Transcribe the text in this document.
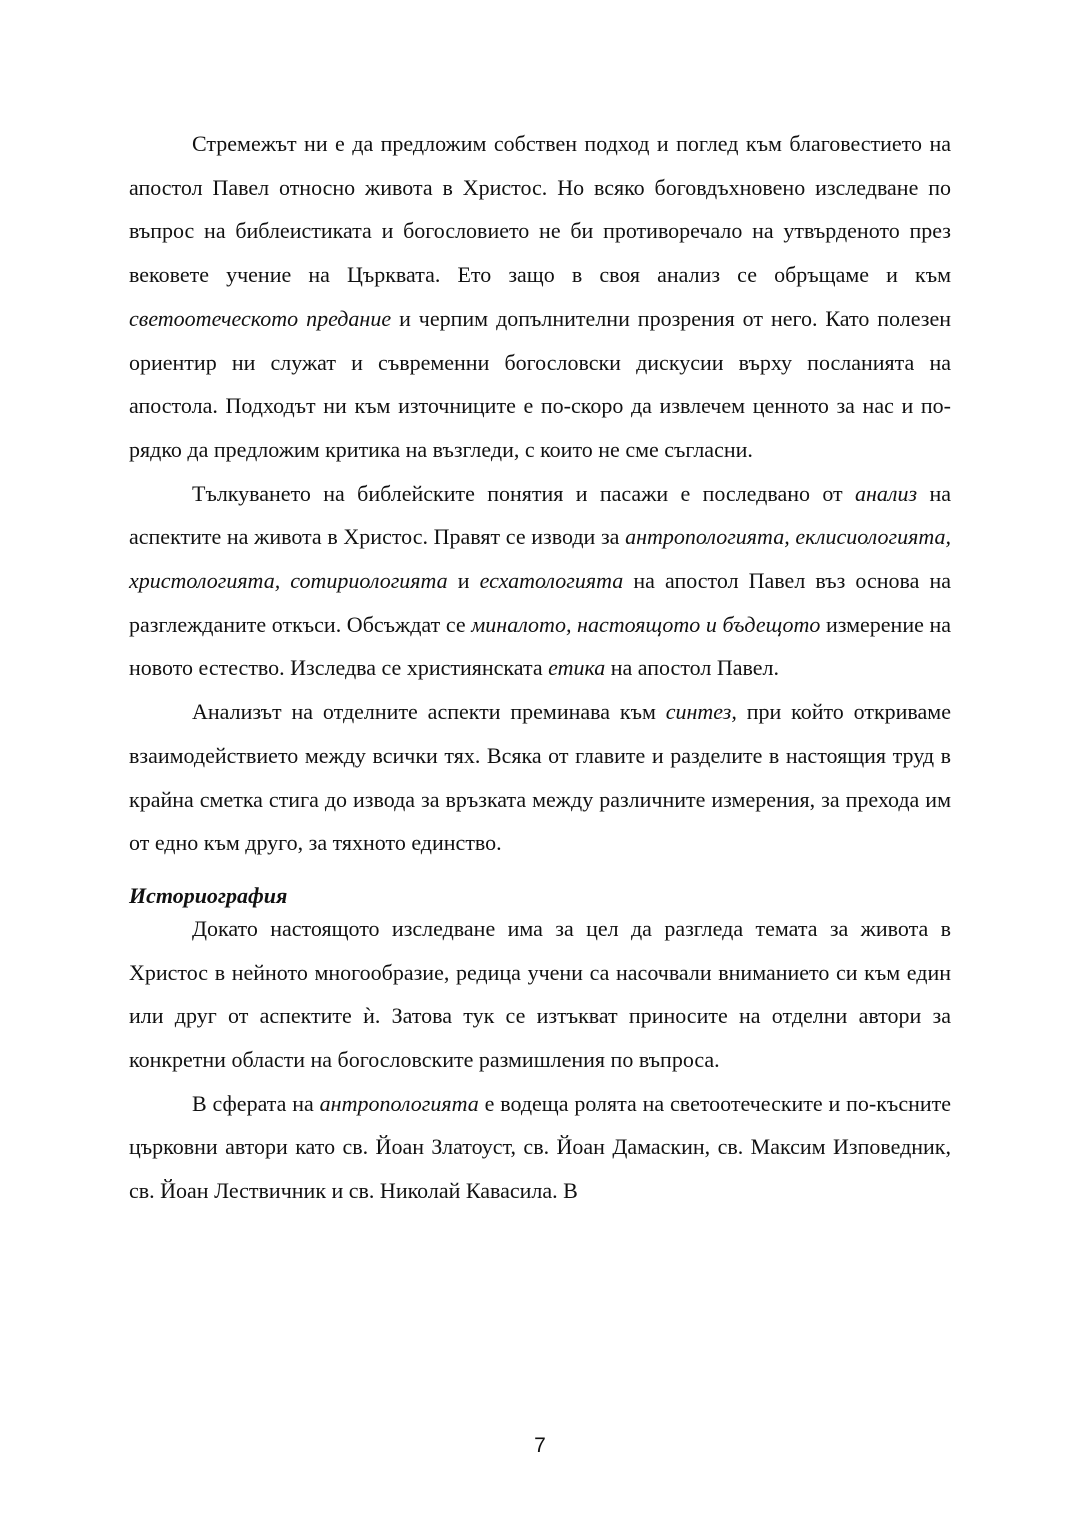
Стремежът ни е да предложим собствен подход и поглед към благовестието на апостол Павел относно живота в Христос. Но всяко боговдъхновено изследване по въпрос на библеистиката и богословието не би противоречало на утвърденото през вековете учение на Църквата. Ето защо в своя анализ се обръщаме и към светоотеческото предание и черпим допълнителни прозрения от него. Като полезен ориентир ни служат и съвременни богословски дискусии върху посланията на апостола. Подходът ни към източниците е по-скоро да извлечем ценното за нас и по-рядко да предложим критика на възгледи, с които не сме съгласни.

Тълкуването на библейските понятия и пасажи е последвано от анализ на аспектите на живота в Христос. Правят се изводи за антропологията, еклисиологията, христологията, сотириологията и есхатологията на апостол Павел въз основа на разглежданите откъси. Обсъждат се миналото, настоящото и бъдещото измерение на новото естество. Изследва се християнската етика на апостол Павел.

Анализът на отделните аспекти преминава към синтез, при който откриваме взаимодействието между всички тях. Всяка от главите и разделите в настоящия труд в крайна сметка стига до извода за връзката между различните измерения, за прехода им от едно към друго, за тяхното единство.

Историография

Докато настоящото изследване има за цел да разгледа темата за живота в Христос в нейното многообразие, редица учени са насочвали вниманието си към един или друг от аспектите ѝ. Затова тук се изтъкват приносите на отделни автори за конкретни области на богословските размишления по въпроса.

В сферата на антропологията е водеща ролята на светоотеческите и по-късните църковни автори като св. Йоан Златоуст, св. Йоан Дамаскин, св. Максим Изповедник, св. Йоан Лествичник и св. Николай Кавасила. В

7
